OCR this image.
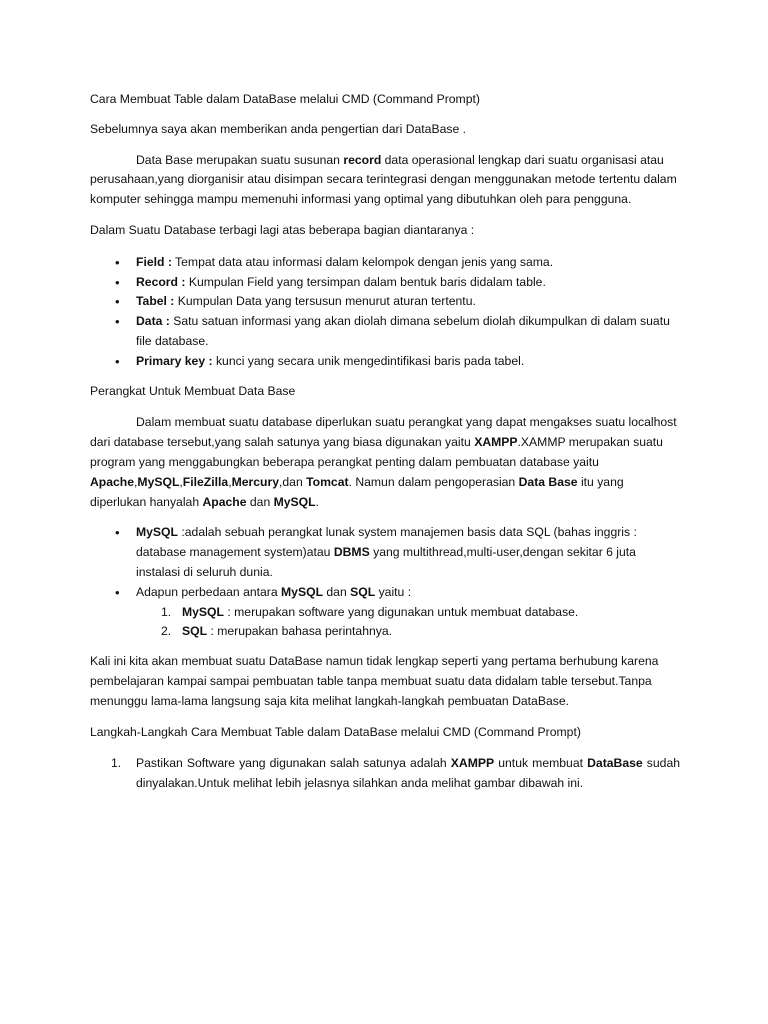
Cara Membuat Table dalam DataBase melalui CMD (Command Prompt)

Sebelumnya saya akan memberikan anda pengertian dari DataBase .

Data Base merupakan suatu susunan record data operasional lengkap dari suatu organisasi atau perusahaan,yang diorganisir atau disimpan secara terintegrasi dengan menggunakan metode tertentu dalam komputer sehingga mampu memenuhi informasi yang optimal yang dibutuhkan oleh para pengguna.

Dalam Suatu Database terbagi lagi atas beberapa bagian diantaranya :

• Field : Tempat data atau informasi dalam kelompok dengan jenis yang sama.
• Record : Kumpulan Field yang tersimpan dalam bentuk baris didalam table.
• Tabel : Kumpulan Data yang tersusun menurut aturan tertentu.
• Data : Satu satuan informasi yang akan diolah dimana sebelum diolah dikumpulkan di dalam suatu file database.
• Primary key : kunci yang secara unik mengedintifikasi baris pada tabel.

Perangkat Untuk Membuat Data Base

Dalam membuat suatu database diperlukan suatu perangkat yang dapat mengakses suatu localhost dari database tersebut,yang salah satunya yang biasa digunakan yaitu XAMPP.XAMMP merupakan suatu program yang menggabungkan beberapa perangkat penting dalam pembuatan database yaitu Apache,MySQL,FileZilla,Mercury,dan Tomcat. Namun dalam pengoperasian Data Base itu yang diperlukan hanyalah Apache dan MySQL.

• MySQL :adalah sebuah perangkat lunak system manajemen basis data SQL (bahas inggris : database management system)atau DBMS yang multithread,multi-user,dengan sekitar 6 juta instalasi di seluruh dunia.
• Adapun perbedaan antara MySQL dan SQL yaitu :
1. MySQL : merupakan software yang digunakan untuk membuat database.
2. SQL : merupakan bahasa perintahnya.

Kali ini kita akan membuat suatu DataBase namun tidak lengkap seperti yang pertama berhubung karena pembelajaran kampai sampai pembuatan table tanpa membuat suatu data didalam table tersebut.Tanpa menunggu lama-lama langsung saja kita melihat langkah-langkah pembuatan DataBase.

Langkah-Langkah Cara Membuat Table dalam DataBase melalui CMD (Command Prompt)

1. Pastikan Software yang digunakan salah satunya adalah XAMPP untuk membuat DataBase sudah dinyalakan.Untuk melihat lebih jelasnya silahkan anda melihat gambar dibawah ini.
